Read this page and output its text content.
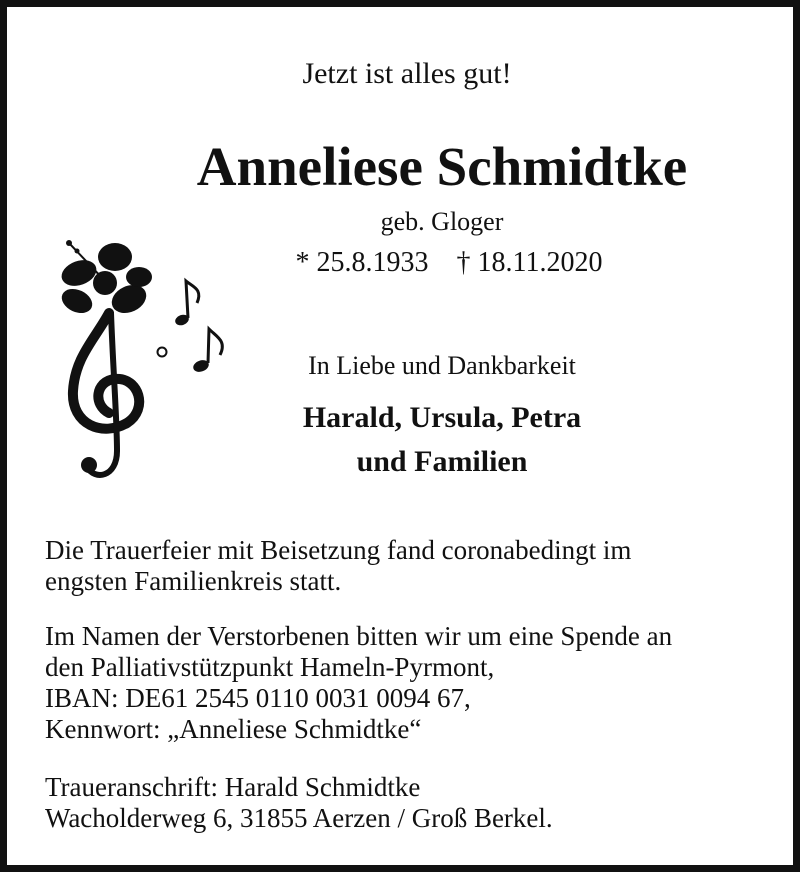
Jetzt ist alles gut!
Anneliese Schmidtke
geb. Gloger
* 25.8.1933 † 18.11.2020
In Liebe und Dankbarkeit
Harald, Ursula, Petra
und Familien
Die Trauerfeier mit Beisetzung fand coronabedingt im
engsten Familienkreis statt.
Im Namen der Verstorbenen bitten wir um eine Spende an
den Palliativstützpunkt Hameln-Pyrmont,
IBAN: DE61 2545 0110 0031 0094 67,
Kennwort: „Anneliese Schmidtke“
Traueranschrift: Harald Schmidtke
Wacholderweg 6, 31855 Aerzen / Groß Berkel.
